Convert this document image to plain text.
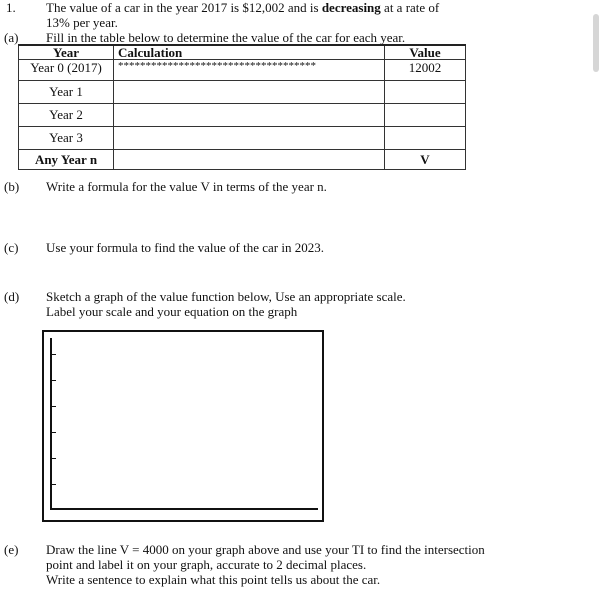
1. The value of a car in the year 2017 is $12,002 and is decreasing at a rate of
13% per year.
(a) Fill in the table below to determine the value of the car for each year.
Year	Calculation	Value
Year 0 (2017)	************************************	12002
Year 1		
Year 2		
Year 3		
Any Year n		V
(b) Write a formula for the value V in terms of the year n.
(c) Use your formula to find the value of the car in 2023.
(d) Sketch a graph of the value function below, Use an appropriate scale.
Label your scale and your equation on the graph
(e) Draw the line V = 4000 on your graph above and use your TI to find the intersection
point and label it on your graph, accurate to 2 decimal places.
Write a sentence to explain what this point tells us about the car.
